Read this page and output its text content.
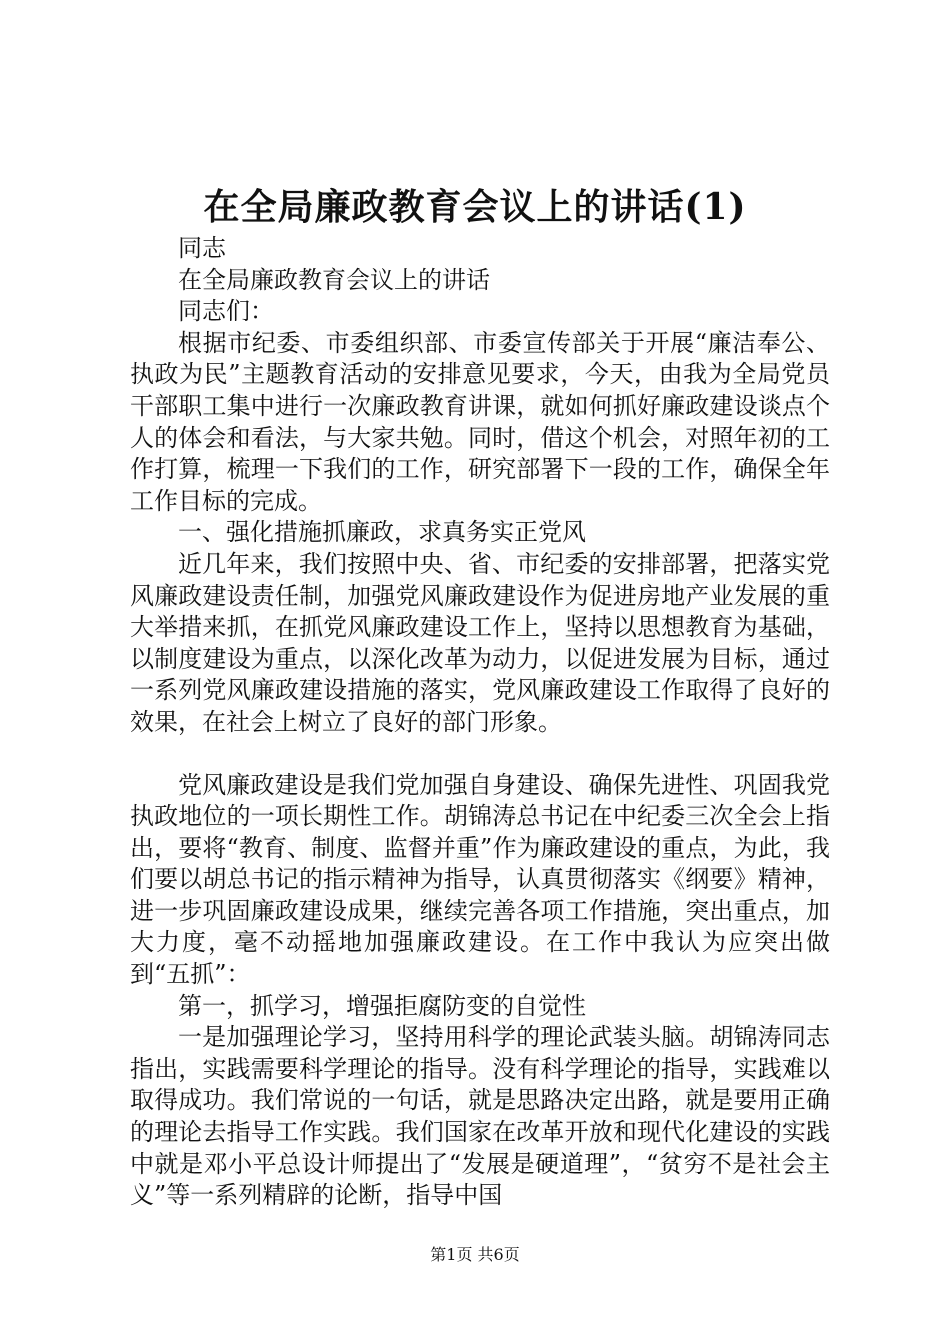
在全局廉政教育会议上的讲话(1)

同志

在全局廉政教育会议上的讲话

同志们：

根据市纪委、市委组织部、市委宣传部关于开展“廉洁奉公、执政为民”主题教育活动的安排意见要求，今天，由我为全局党员干部职工集中进行一次廉政教育讲课，就如何抓好廉政建设谈点个人的体会和看法，与大家共勉。同时，借这个机会，对照年初的工作打算，梳理一下我们的工作，研究部署下一段的工作，确保全年工作目标的完成。

一、强化措施抓廉政，求真务实正党风

近几年来，我们按照中央、省、市纪委的安排部署，把落实党风廉政建设责任制，加强党风廉政建设作为促进房地产业发展的重大举措来抓，在抓党风廉政建设工作上，坚持以思想教育为基础，以制度建设为重点，以深化改革为动力，以促进发展为目标，通过一系列党风廉政建设措施的落实，党风廉政建设工作取得了良好的效果，在社会上树立了良好的部门形象。

党风廉政建设是我们党加强自身建设、确保先进性、巩固我党执政地位的一项长期性工作。胡锦涛总书记在中纪委三次全会上指出，要将“教育、制度、监督并重”作为廉政建设的重点，为此，我们要以胡总书记的指示精神为指导，认真贯彻落实《纲要》精神，进一步巩固廉政建设成果，继续完善各项工作措施，突出重点，加大力度，毫不动摇地加强廉政建设。在工作中我认为应突出做到“五抓”：

第一，抓学习，增强拒腐防变的自觉性

一是加强理论学习，坚持用科学的理论武装头脑。胡锦涛同志指出，实践需要科学理论的指导。没有科学理论的指导，实践难以取得成功。我们常说的一句话，就是思路决定出路，就是要用正确的理论去指导工作实践。我们国家在改革开放和现代化建设的实践中就是邓小平总设计师提出了“发展是硬道理”，“贫穷不是社会主义”等一系列精辟的论断，指导中国

第1页 共6页
